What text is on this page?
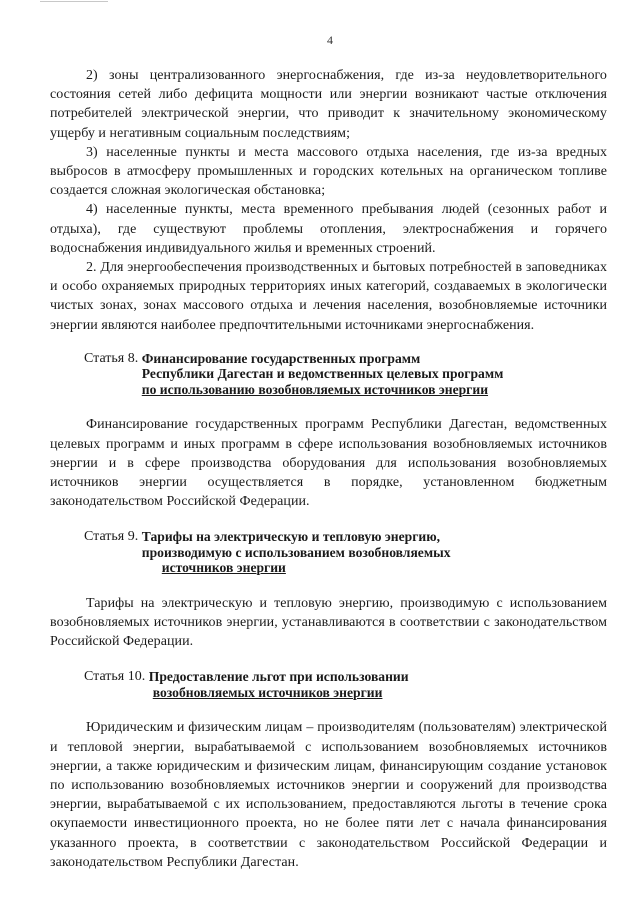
4

2) зоны централизованного энергоснабжения, где из-за неудовлетворительного состояния сетей либо дефицита мощности или энергии возникают частые отключения потребителей электрической энергии, что приводит к значительному экономическому ущербу и негативным социальным последствиям;

3) населенные пункты и места массового отдыха населения, где из-за вредных выбросов в атмосферу промышленных и городских котельных на органическом топливе создается сложная экологическая обстановка;

4) населенные пункты, места временного пребывания людей (сезонных работ и отдыха), где существуют проблемы отопления, электроснабжения и горячего водоснабжения индивидуального жилья и временных строений.

2. Для энергообеспечения производственных и бытовых потребностей в заповедниках и особо охраняемых природных территориях иных категорий, создаваемых в экологически чистых зонах, зонах массового отдыха и лечения населения, возобновляемые источники энергии являются наиболее предпочтительными источниками энергоснабжения.

Статья 8. Финансирование государственных программ
Республики Дагестан и ведомственных целевых программ
по использованию возобновляемых источников энергии

Финансирование государственных программ Республики Дагестан, ведомственных целевых программ и иных программ в сфере использования возобновляемых источников энергии и в сфере производства оборудования для использования возобновляемых источников энергии осуществляется в порядке, установленном бюджетным законодательством Российской Федерации.

Статья 9. Тарифы на электрическую и тепловую энергию,
производимую с использованием возобновляемых
источников энергии

Тарифы на электрическую и тепловую энергию, производимую с использованием возобновляемых источников энергии, устанавливаются в соответствии с законодательством Российской Федерации.

Статья 10. Предоставление льгот при использовании
возобновляемых источников энергии

Юридическим и физическим лицам – производителям (пользователям) электрической и тепловой энергии, вырабатываемой с использованием возобновляемых источников энергии, а также юридическим и физическим лицам, финансирующим создание установок по использованию возобновляемых источников энергии и сооружений для производства энергии, вырабатываемой с их использованием, предоставляются льготы в течение срока окупаемости инвестиционного проекта, но не более пяти лет с начала финансирования указанного проекта, в соответствии с законодательством Российской Федерации и законодательством Республики Дагестан.
